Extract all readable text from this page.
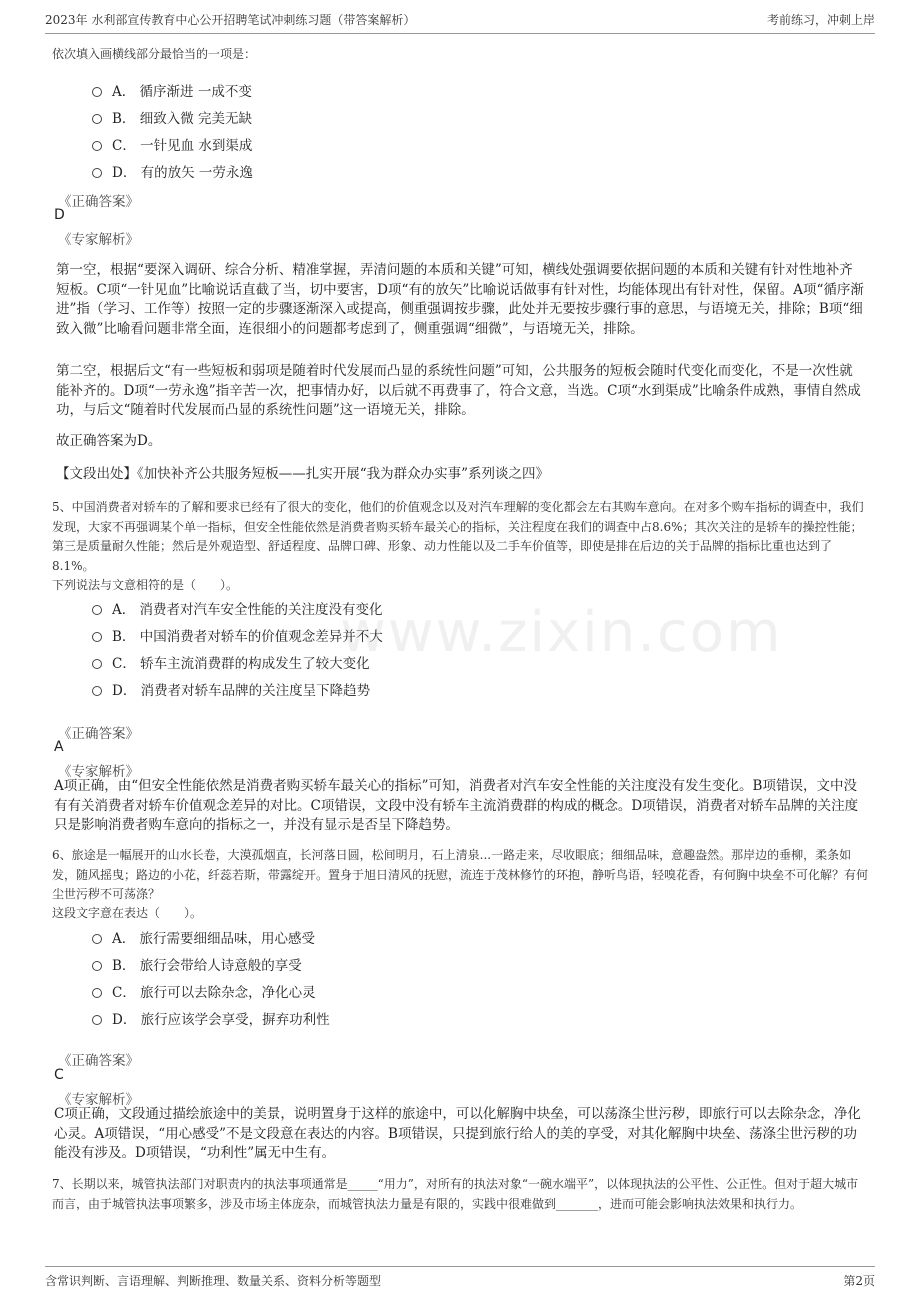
2023年 水利部宣传教育中心公开招聘笔试冲刺练习题（带答案解析）	考前练习，冲刺上岸
www.zixin.com
依次填入画横线部分最恰当的一项是：
A． 循序渐进 一成不变
B． 细致入微 完美无缺
C． 一针见血 水到渠成
D． 有的放矢 一劳永逸
《正确答案》
D
《专家解析》
第一空，根据“要深入调研、综合分析、精准掌握，弄清问题的本质和关键”可知，横线处强调要依据问题的本质和关键有针对性地补齐短板。C项“一针见血”比喻说话直截了当，切中要害，D项“有的放矢”比喻说话做事有针对性，均能体现出有针对性，保留。A项“循序渐进”指（学习、工作等）按照一定的步骤逐渐深入或提高，侧重强调按步骤，此处并无要按步骤行事的意思，与语境无关，排除；B项“细致入微”比喻看问题非常全面，连很细小的问题都考虑到了，侧重强调“细微”，与语境无关，排除。
第二空，根据后文“有一些短板和弱项是随着时代发展而凸显的系统性问题”可知，公共服务的短板会随时代变化而变化，不是一次性就能补齐的。D项“一劳永逸”指辛苦一次，把事情办好，以后就不再费事了，符合文意，当选。C项“水到渠成”比喻条件成熟，事情自然成功，与后文“随着时代发展而凸显的系统性问题”这一语境无关，排除。
故正确答案为D。
【文段出处】《加快补齐公共服务短板——扎实开展“我为群众办实事”系列谈之四》
5、中国消费者对轿车的了解和要求已经有了很大的变化，他们的价值观念以及对汽车理解的变化都会左右其购车意向。在对多个购车指标的调查中，我们发现，大家不再强调某个单一指标，但安全性能依然是消费者购买轿车最关心的指标，关注程度在我们的调查中占8.6%；其次关注的是轿车的操控性能；第三是质量耐久性能；然后是外观造型、舒适程度、品牌口碑、形象、动力性能以及二手车价值等，即使是排在后边的关于品牌的指标比重也达到了8.1%。
下列说法与文意相符的是（　　）。
A． 消费者对汽车安全性能的关注度没有变化
B． 中国消费者对轿车的价值观念差异并不大
C． 轿车主流消费群的构成发生了较大变化
D． 消费者对轿车品牌的关注度呈下降趋势
《正确答案》
A
《专家解析》
A项正确，由“但安全性能依然是消费者购买轿车最关心的指标”可知，消费者对汽车安全性能的关注度没有发生变化。B项错误，文中没有有关消费者对轿车价值观念差异的对比。C项错误，文段中没有轿车主流消费群的构成的概念。D项错误，消费者对轿车品牌的关注度只是影响消费者购车意向的指标之一，并没有显示是否呈下降趋势。
6、旅途是一幅展开的山水长卷，大漠孤烟直，长河落日圆，松间明月，石上清泉...一路走来，尽收眼底；细细品味，意趣盎然。那岸边的垂柳，柔条如发，随风摇曳；路边的小花，纤蕊若斯，带露绽开。置身于旭日清风的抚慰，流连于茂林修竹的环抱，静听鸟语，轻嗅花香，有何胸中块垒不可化解？有何尘世污秽不可荡涤？
这段文字意在表达（　　）。
A． 旅行需要细细品味，用心感受
B． 旅行会带给人诗意般的享受
C． 旅行可以去除杂念，净化心灵
D． 旅行应该学会享受，摒弃功利性
《正确答案》
C
《专家解析》
C项正确，文段通过描绘旅途中的美景，说明置身于这样的旅途中，可以化解胸中块垒，可以荡涤尘世污秽，即旅行可以去除杂念，净化心灵。A项错误，“用心感受”不是文段意在表达的内容。B项错误，只提到旅行给人的美的享受，对其化解胸中块垒、荡涤尘世污秽的功能没有涉及。D项错误，“功利性”属无中生有。
7、长期以来，城管执法部门对职责内的执法事项通常是_____“用力”，对所有的执法对象“一碗水端平”，以体现执法的公平性、公正性。但对于超大城市而言，由于城管执法事项繁多，涉及市场主体庞杂，而城管执法力量是有限的，实践中很难做到_______，进而可能会影响执法效果和执行力。
含常识判断、言语理解、判断推理、数量关系、资料分析等题型	第2页
